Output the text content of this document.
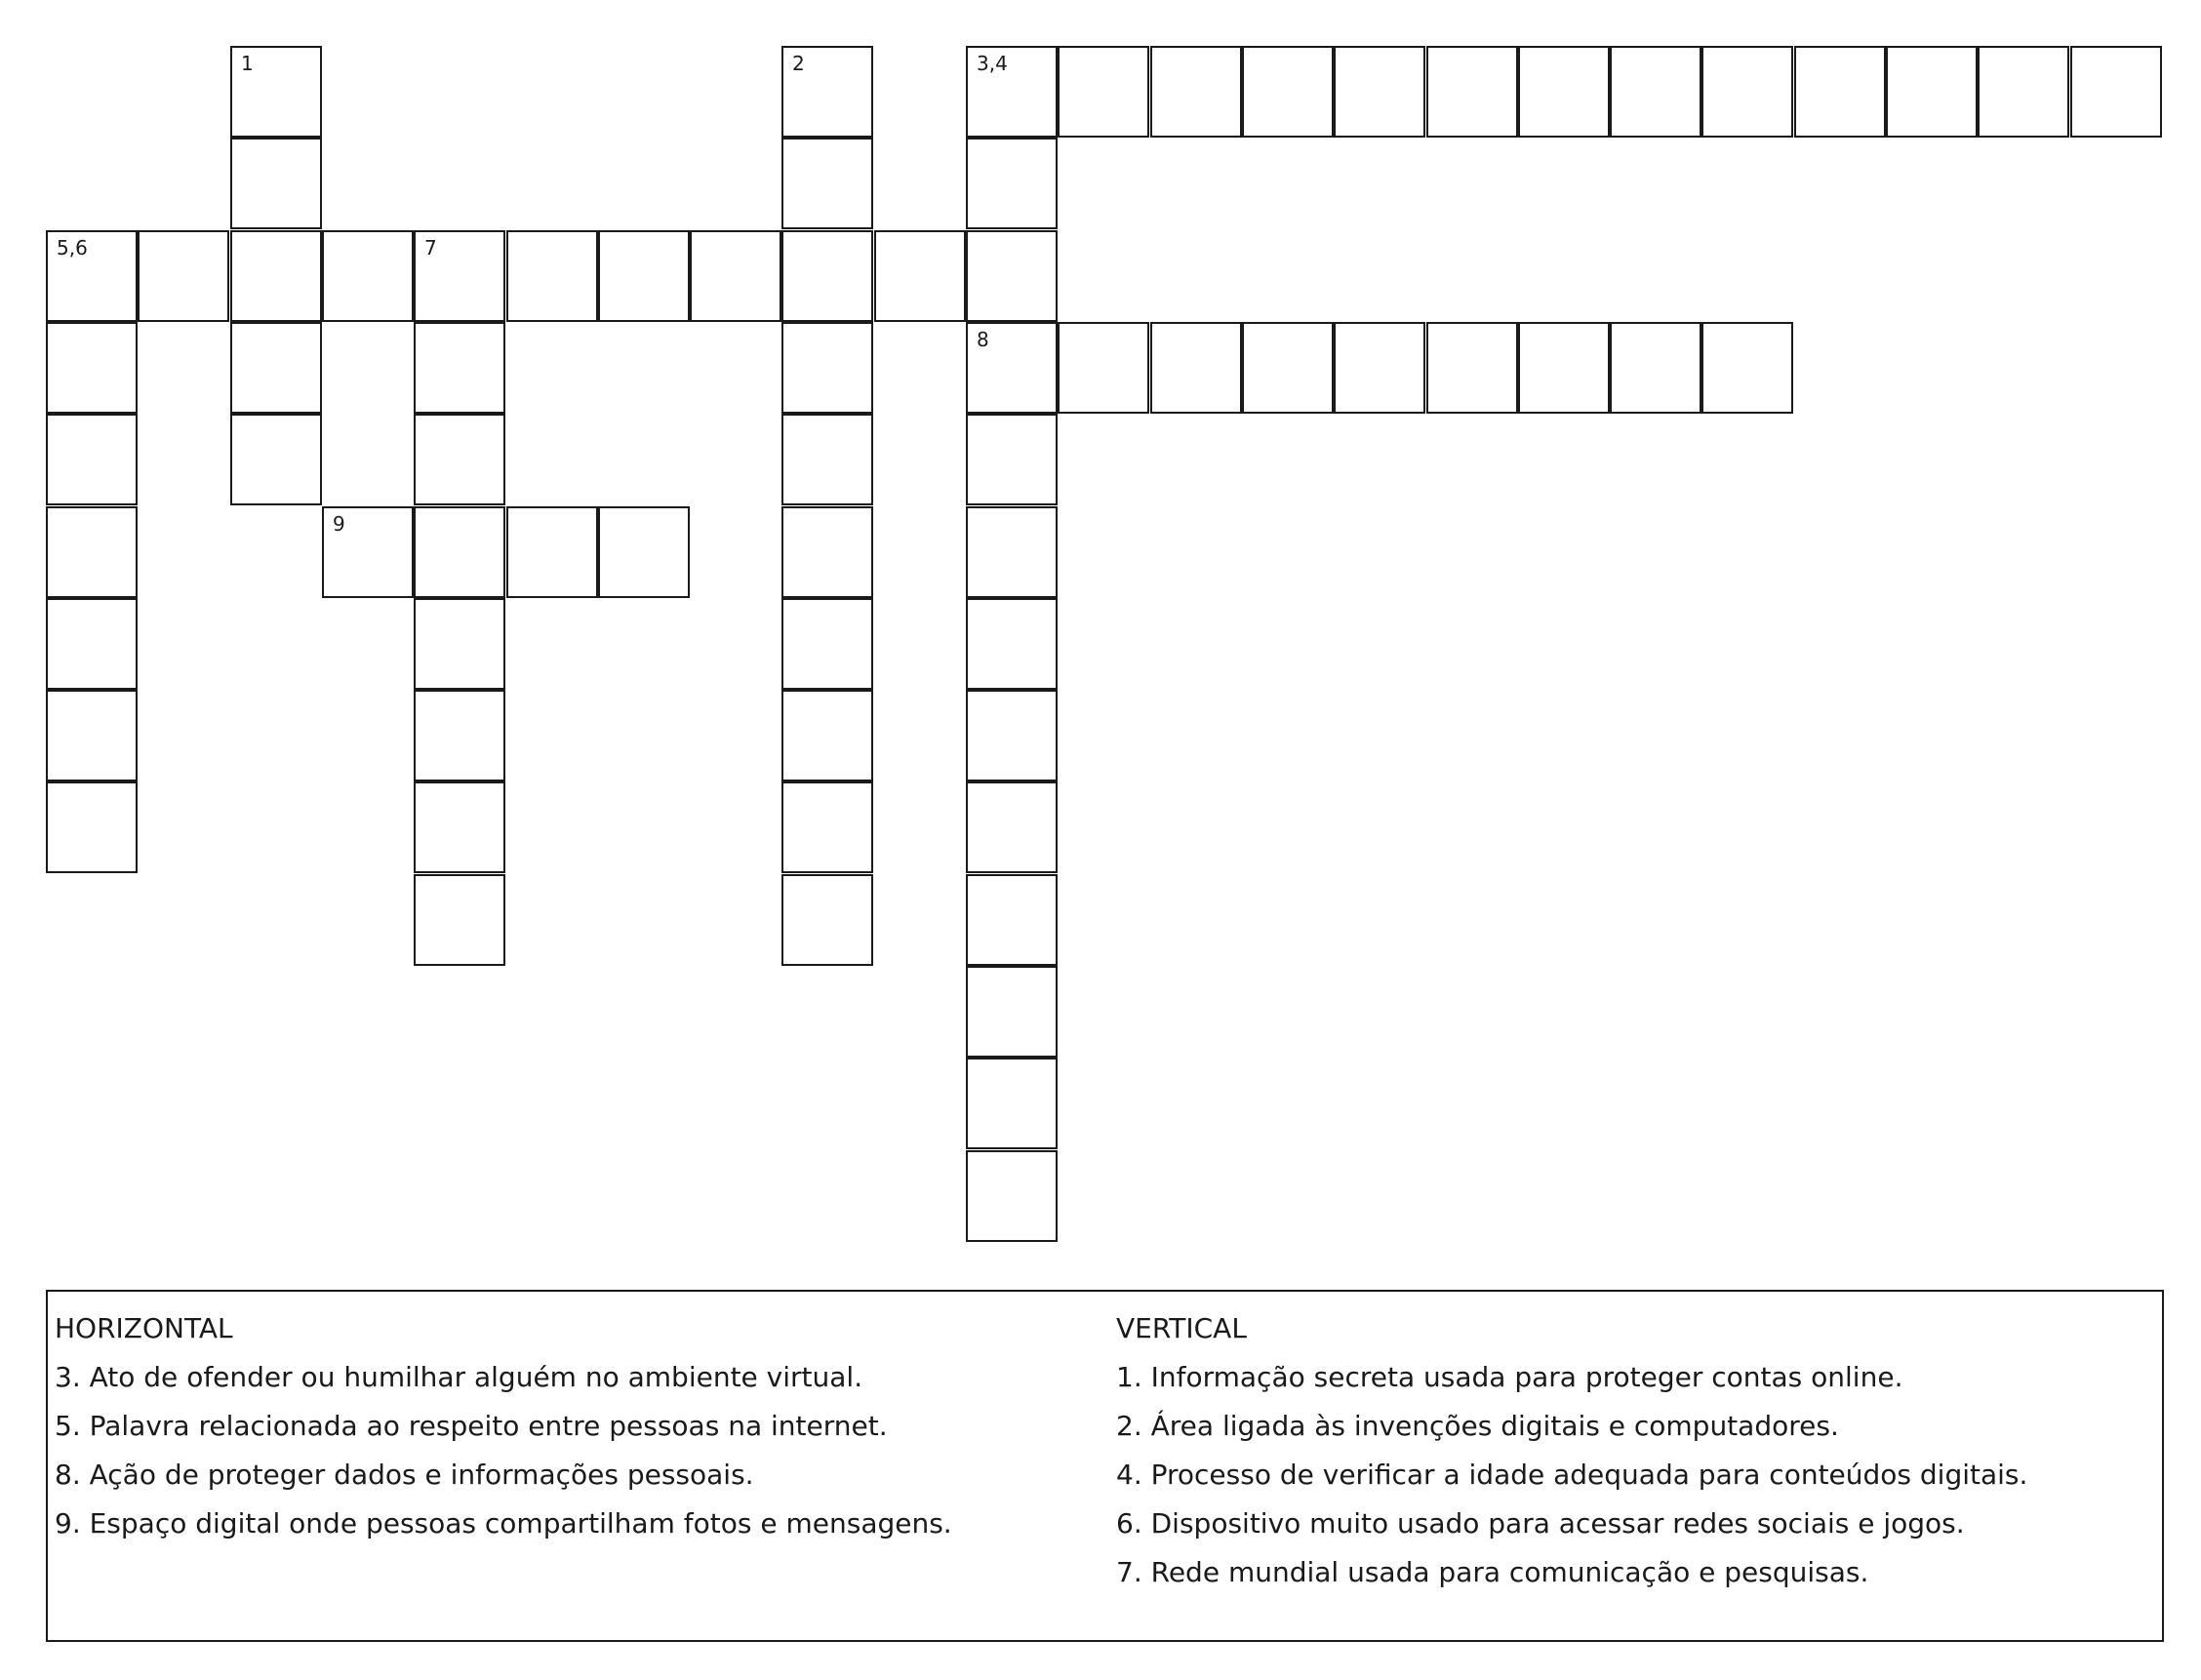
3,4
5,6	7
8
9
1	2
HORIZONTAL
3. Ato de ofender ou humilhar alguém no ambiente virtual.
5. Palavra relacionada ao respeito entre pessoas na internet.
8. Ação de proteger dados e informações pessoais.
9. Espaço digital onde pessoas compartilham fotos e mensagens.
VERTICAL
1. Informação secreta usada para proteger contas online.
2. Área ligada às invenções digitais e computadores.
4. Processo de verificar a idade adequada para conteúdos digitais.
6. Dispositivo muito usado para acessar redes sociais e jogos.
7. Rede mundial usada para comunicação e pesquisas.
